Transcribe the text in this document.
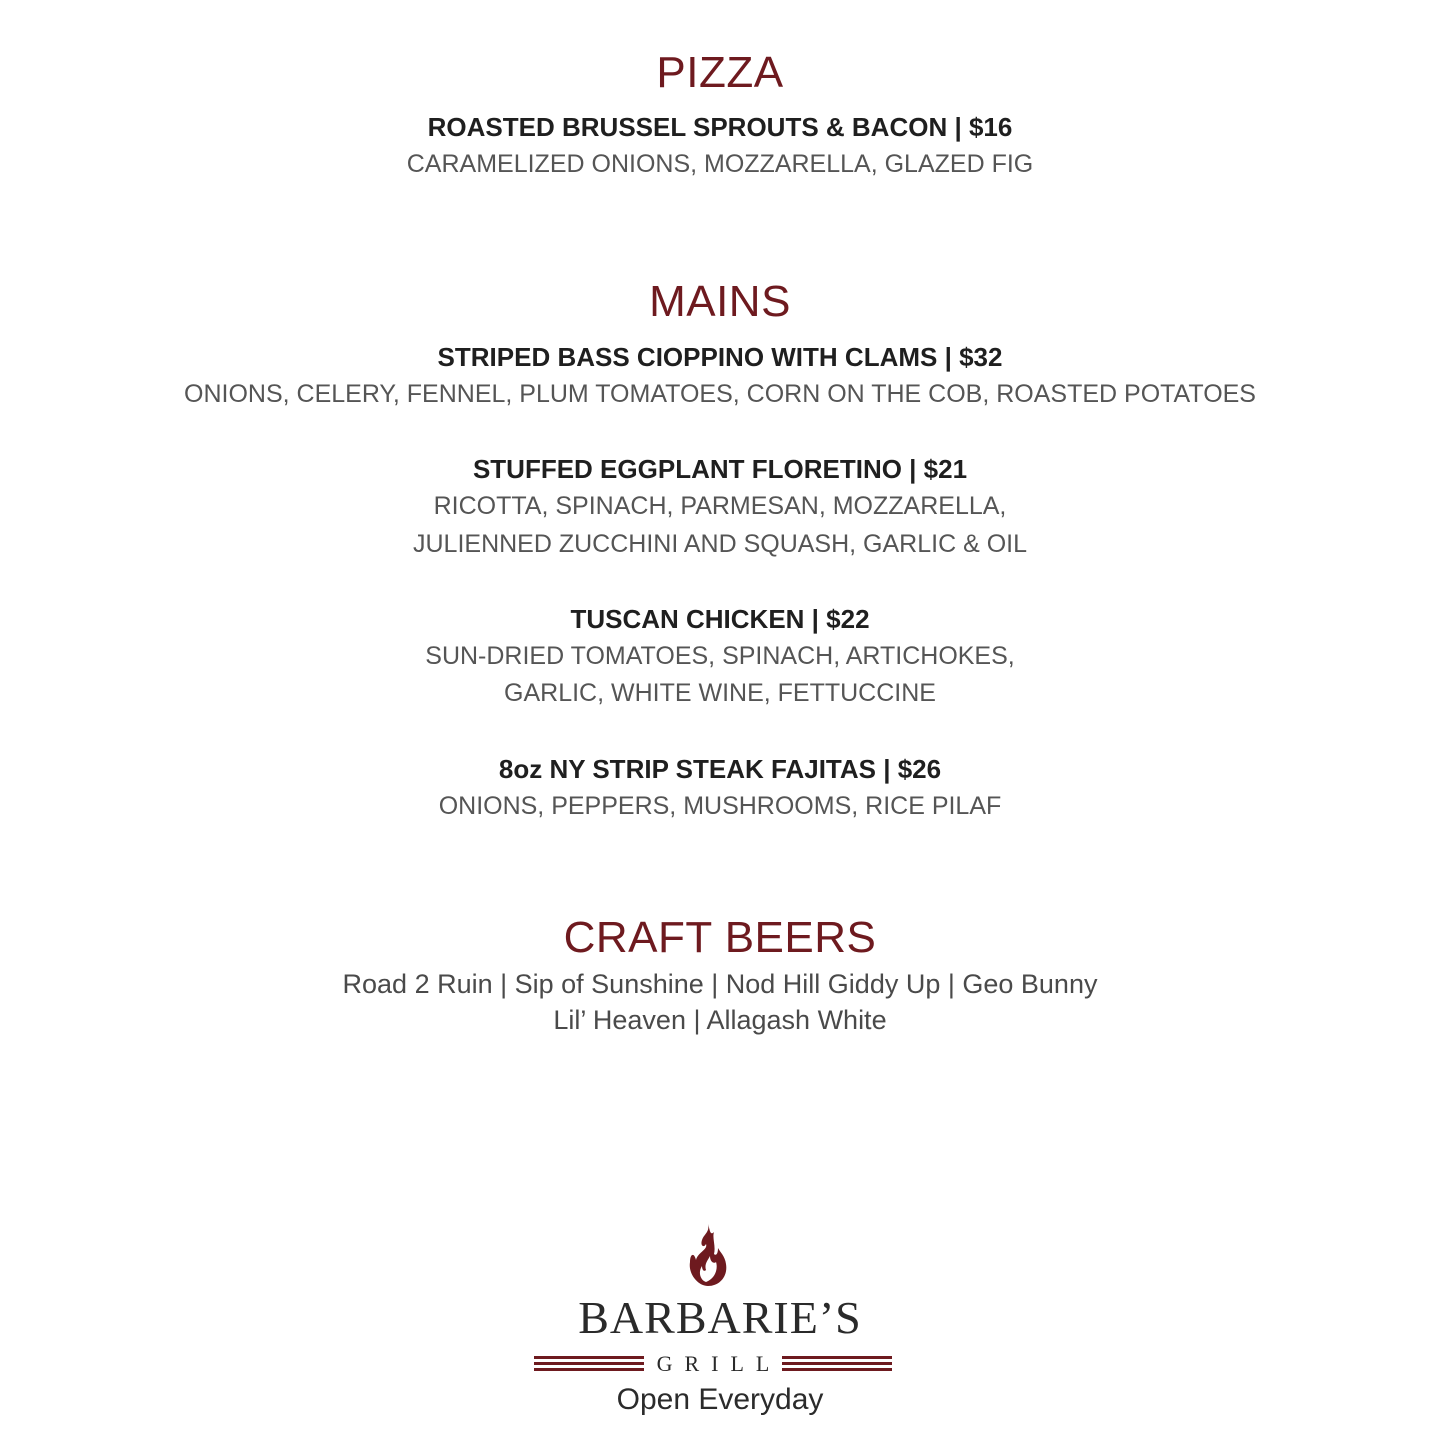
PIZZA
ROASTED BRUSSEL SPROUTS & BACON | $16
CARAMELIZED ONIONS, MOZZARELLA, GLAZED FIG
MAINS
STRIPED BASS CIOPPINO WITH CLAMS | $32
ONIONS, CELERY, FENNEL, PLUM TOMATOES, CORN ON THE COB, ROASTED POTATOES
STUFFED EGGPLANT FLORETINO | $21
RICOTTA, SPINACH, PARMESAN, MOZZARELLA,
JULIENNED ZUCCHINI AND SQUASH, GARLIC & OIL
TUSCAN CHICKEN | $22
SUN-DRIED TOMATOES, SPINACH, ARTICHOKES,
GARLIC, WHITE WINE, FETTUCCINE
8oz NY STRIP STEAK FAJITAS | $26
ONIONS, PEPPERS, MUSHROOMS, RICE PILAF
CRAFT BEERS
Road 2 Ruin | Sip of Sunshine | Nod Hill Giddy Up | Geo Bunny
Lil’ Heaven | Allagash White
BARBARIE’S
GRILL
Open Everyday
